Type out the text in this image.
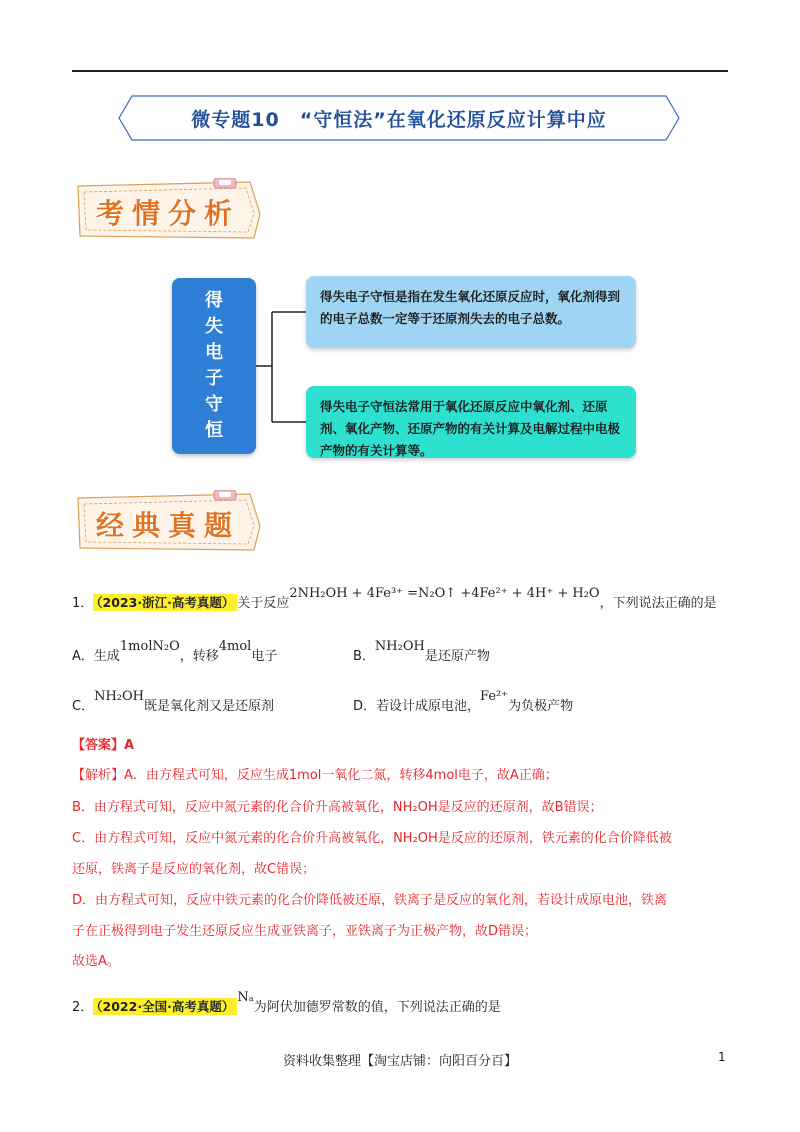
微专题10　“守恒法”在氧化还原反应计算中应
考情分析
得失电子守恒
得失电子守恒是指在发生氧化还原反应时，氧化剂得到的电子总数一定等于还原剂失去的电子总数。
得失电子守恒法常用于氧化还原反应中氧化剂、还原剂、氧化产物、还原产物的有关计算及电解过程中电极产物的有关计算等。
经典真题
1． （2023·浙江·高考真题） 关于反应2NH₂OH + 4Fe³⁺ =N₂O↑ +4Fe²⁺ + 4H⁺ + H₂O，下列说法正确的是
A．生成1molN₂O，转移4mol电子	B．NH₂OH是还原产物
C．NH₂OH既是氧化剂又是还原剂	D．若设计成原电池，Fe²⁺为负极产物
【答案】A
【解析】A．由方程式可知，反应生成1mol一氧化二氮，转移4mol电子，故A正确；
B．由方程式可知，反应中氮元素的化合价升高被氧化，NH₂OH是反应的还原剂，故B错误；
C．由方程式可知，反应中氮元素的化合价升高被氧化，NH₂OH是反应的还原剂，铁元素的化合价降低被
还原，铁离子是反应的氧化剂，故C错误；
D．由方程式可知，反应中铁元素的化合价降低被还原，铁离子是反应的氧化剂，若设计成原电池，铁离
子在正极得到电子发生还原反应生成亚铁离子，亚铁离子为正极产物，故D错误；
故选A。
2． （2022·全国·高考真题）Nₐ为阿伏加德罗常数的值，下列说法正确的是
资料收集整理【淘宝店铺：向阳百分百】	1
